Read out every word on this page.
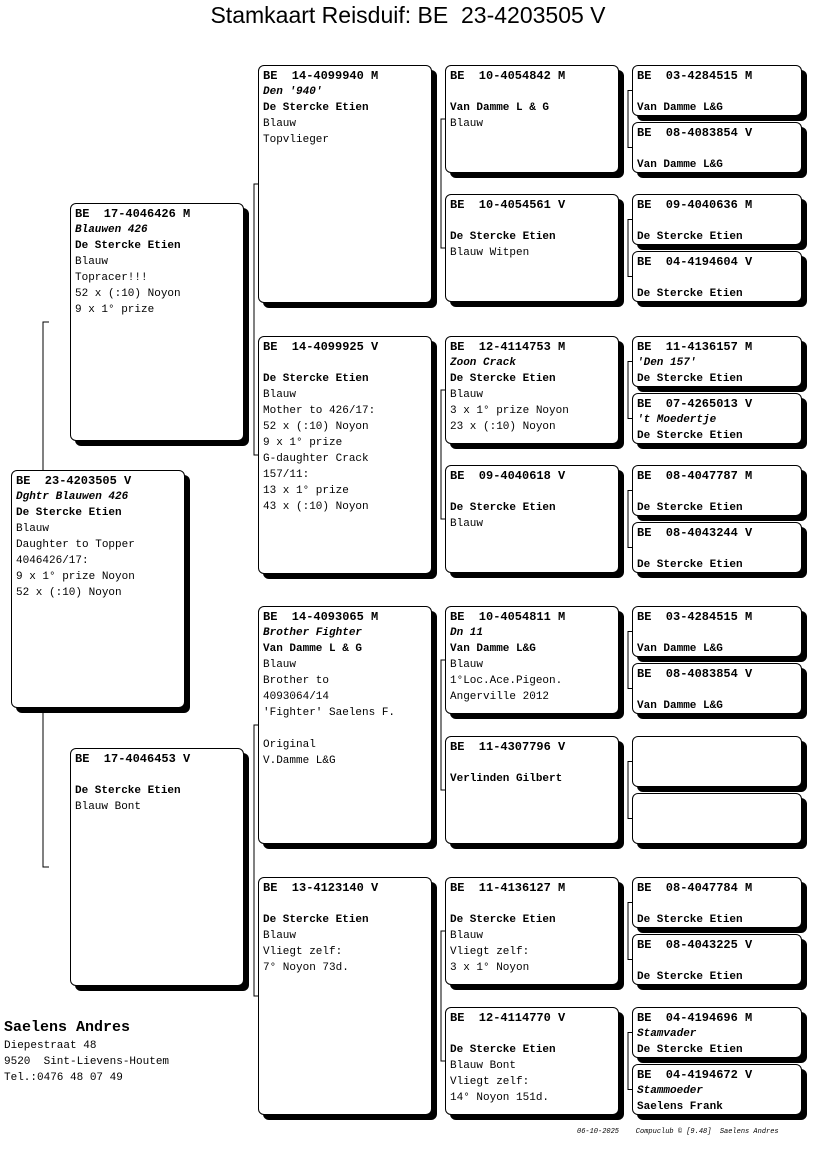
Stamkaart Reisduif: BE  23-4203505 V
BE  23-4203505 V
Dghtr Blauwen 426
De Stercke Etien
Blauw
Daughter to Topper
4046426/17:
9 x 1° prize Noyon
52 x (:10) Noyon
BE  17-4046426 M
Blauwen 426
De Stercke Etien
Blauw
Topracer!!!
52 x (:10) Noyon
9 x 1° prize
BE  17-4046453 V
De Stercke Etien
Blauw Bont
BE  14-4099940 M
Den '940'
De Stercke Etien
Blauw
Topvlieger
BE  14-4099925 V
De Stercke Etien
Blauw
Mother to 426/17:
52 x (:10) Noyon
9 x 1° prize
G-daughter Crack
157/11:
13 x 1° prize
43 x (:10) Noyon
BE  14-4093065 M
Brother Fighter
Van Damme L & G
Blauw
Brother to
4093064/14
'Fighter' Saelens F.
Original
V.Damme L&G
BE  13-4123140 V
De Stercke Etien
Blauw
Vliegt zelf:
7° Noyon 73d.
BE  10-4054842 M
Van Damme L & G
Blauw
BE  10-4054561 V
De Stercke Etien
Blauw Witpen
BE  12-4114753 M
Zoon Crack
De Stercke Etien
Blauw
3 x 1° prize Noyon
23 x (:10) Noyon
BE  09-4040618 V
De Stercke Etien
Blauw
BE  10-4054811 M
Dn 11
Van Damme L&G
Blauw
1°Loc.Ace.Pigeon.
Angerville 2012
BE  11-4307796 V
Verlinden Gilbert
BE  11-4136127 M
De Stercke Etien
Blauw
Vliegt zelf:
3 x 1° Noyon
BE  12-4114770 V
De Stercke Etien
Blauw Bont
Vliegt zelf:
14° Noyon 151d.
BE  03-4284515 M
Van Damme L&G
BE  08-4083854 V
Van Damme L&G
BE  09-4040636 M
De Stercke Etien
BE  04-4194604 V
De Stercke Etien
BE  11-4136157 M
'Den 157'
De Stercke Etien
BE  07-4265013 V
't Moedertje
De Stercke Etien
BE  08-4047787 M
De Stercke Etien
BE  08-4043244 V
De Stercke Etien
BE  03-4284515 M
Van Damme L&G
BE  08-4083854 V
Van Damme L&G
BE  08-4047784 M
De Stercke Etien
BE  08-4043225 V
De Stercke Etien
BE  04-4194696 M
Stamvader
De Stercke Etien
BE  04-4194672 V
Stammoeder
Saelens Frank
Saelens Andres
Diepestraat 48
9520  Sint-Lievens-Houtem
Tel.:0476 48 07 49
06-10-2025    Compuclub © [9.48]  Saelens Andres
